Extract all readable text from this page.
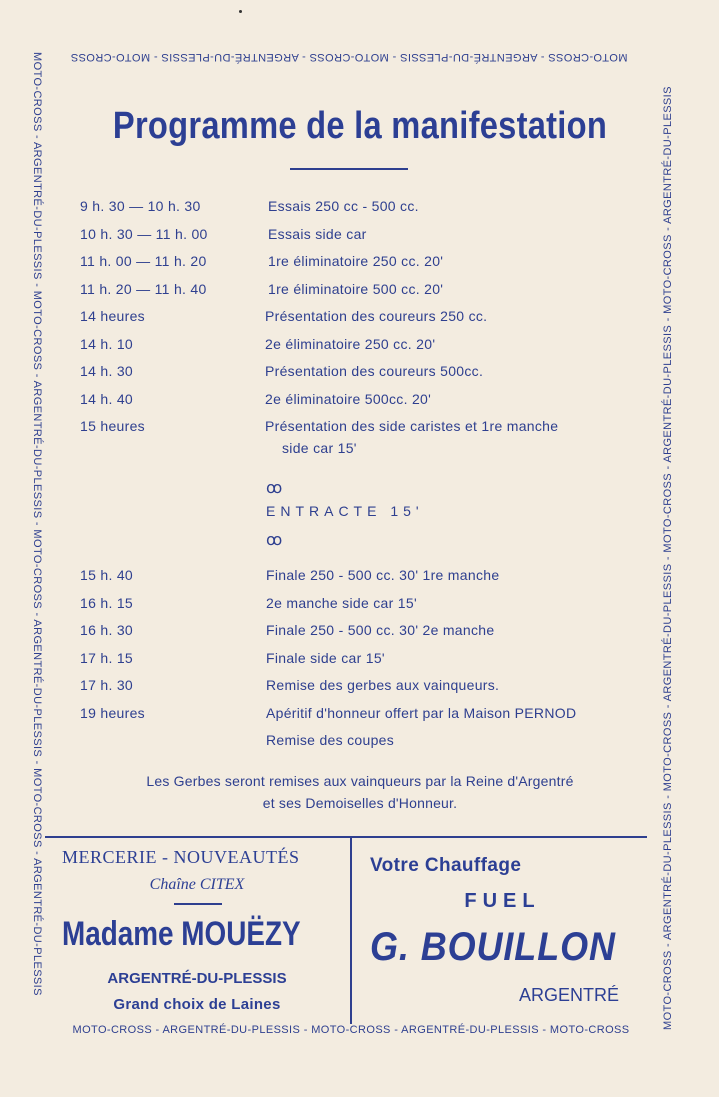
MOTO-CROSS - ARGENTRÉ-DU-PLESSIS - MOTO-CROSS - ARGENTRÉ-DU-PLESSIS - MOTO-CROSS
MOTO-CROSS - ARGENTRÉ-DU-PLESSIS - MOTO-CROSS - ARGENTRÉ-DU-PLESSIS - MOTO-CROSS
MOTO-CROSS - ARGENTRÉ-DU-PLESSIS - MOTO-CROSS - ARGENTRÉ-DU-PLESSIS - MOTO-CROSS - ARGENTRÉ-DU-PLESSIS - MOTO-CROSS - ARGENTRÉ-DU-PLESSIS	MOTO-CROSS - ARGENTRÉ-DU-PLESSIS - MOTO-CROSS - ARGENTRÉ-DU-PLESSIS - MOTO-CROSS - ARGENTRÉ-DU-PLESSIS - MOTO-CROSS - ARGENTRÉ-DU-PLESSIS
Programme de la manifestation
9 h. 30 — 10 h. 30	Essais 250 cc - 500 cc.
10 h. 30 — 11 h. 00	Essais side car
11 h. 00 — 11 h. 20	1re éliminatoire 250 cc. 20'
11 h. 20 — 11 h. 40	1re éliminatoire 500 cc. 20'
14 heures	Présentation des coureurs 250 cc.
14 h. 10	2e éliminatoire 250 cc. 20'
14 h. 30	Présentation des coureurs 500cc.
14 h. 40	2e éliminatoire 500cc. 20'
15 heures	Présentation des side caristes et 1re manche
side car 15'
ꝏ
ENTRACTE 15'
ꝏ
15 h. 40	Finale 250 - 500 cc. 30' 1re manche
16 h. 15	2e manche side car 15'
16 h. 30	Finale 250 - 500 cc. 30' 2e manche
17 h. 15	Finale side car 15'
17 h. 30	Remise des gerbes aux vainqueurs.
19 heures	Apéritif d'honneur offert par la Maison PERNOD
Remise des coupes
Les Gerbes seront remises aux vainqueurs par la Reine d'Argentré
et ses Demoiselles d'Honneur.
MERCERIE - NOUVEAUTÉS
Chaîne CITEX
Madame MOUËZY
ARGENTRÉ-DU-PLESSIS
Grand choix de Laines
Votre Chauffage
FUEL
G. BOUILLON
ARGENTRÉ
